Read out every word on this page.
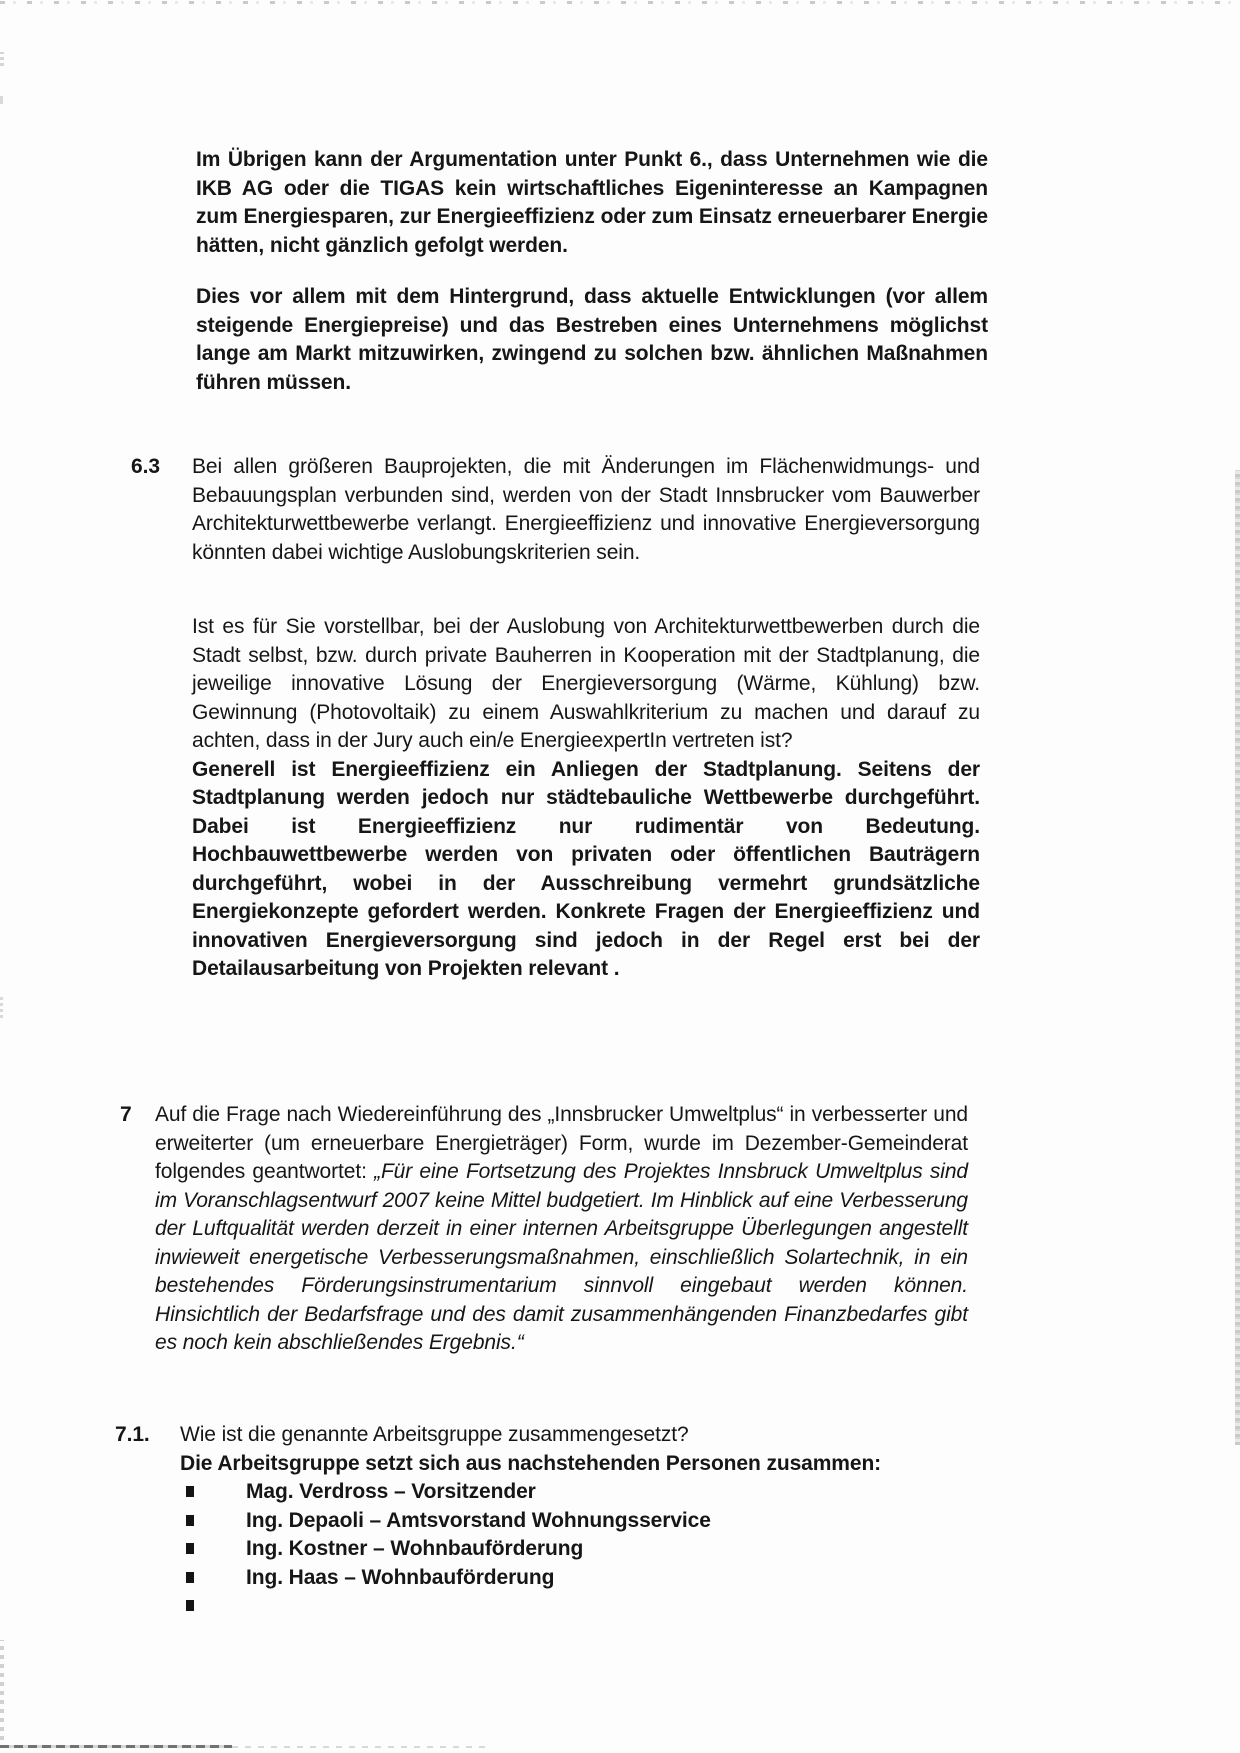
Im Übrigen kann der Argumentation unter Punkt 6., dass Unternehmen wie die IKB AG oder die TIGAS kein wirtschaftliches Eigeninteresse an Kampagnen zum Energiesparen, zur Energieeffizienz oder zum Einsatz erneuerbarer Energie hätten, nicht gänzlich gefolgt werden.

Dies vor allem mit dem Hintergrund, dass aktuelle Entwicklungen (vor allem steigende Energiepreise) und das Bestreben eines Unternehmens möglichst lange am Markt mitzuwirken, zwingend zu solchen bzw. ähnlichen Maßnahmen führen müssen.

6.3 Bei allen größeren Bauprojekten, die mit Änderungen im Flächenwidmungs- und Bebauungsplan verbunden sind, werden von der Stadt Innsbrucker vom Bauwerber Architekturwettbewerbe verlangt. Energieeffizienz und innovative Energieversorgung könnten dabei wichtige Auslobungskriterien sein.

Ist es für Sie vorstellbar, bei der Auslobung von Architekturwettbewerben durch die Stadt selbst, bzw. durch private Bauherren in Kooperation mit der Stadtplanung, die jeweilige innovative Lösung der Energieversorgung (Wärme, Kühlung) bzw. Gewinnung (Photovoltaik) zu einem Auswahlkriterium zu machen und darauf zu achten, dass in der Jury auch ein/e EnergieexpertIn vertreten ist?

Generell ist Energieeffizienz ein Anliegen der Stadtplanung. Seitens der Stadtplanung werden jedoch nur städtebauliche Wettbewerbe durchgeführt. Dabei ist Energieeffizienz nur rudimentär von Bedeutung. Hochbauwettbewerbe werden von privaten oder öffentlichen Bauträgern durchgeführt, wobei in der Ausschreibung vermehrt grundsätzliche Energiekonzepte gefordert werden. Konkrete Fragen der Energieeffizienz und innovativen Energieversorgung sind jedoch in der Regel erst bei der Detailausarbeitung von Projekten relevant .

7 Auf die Frage nach Wiedereinführung des „Innsbrucker Umweltplus“ in verbesserter und erweiterter (um erneuerbare Energieträger) Form, wurde im Dezember-Gemeinderat folgendes geantwortet: „Für eine Fortsetzung des Projektes Innsbruck Umweltplus sind im Voranschlagsentwurf 2007 keine Mittel budgetiert. Im Hinblick auf eine Verbesserung der Luftqualität werden derzeit in einer internen Arbeitsgruppe Überlegungen angestellt inwieweit energetische Verbesserungsmaßnahmen, einschließlich Solartechnik, in ein bestehendes Förderungsinstrumentarium sinnvoll eingebaut werden können. Hinsichtlich der Bedarfsfrage und des damit zusammenhängenden Finanzbedarfes gibt es noch kein abschließendes Ergebnis.“

7.1. Wie ist die genannte Arbeitsgruppe zusammengesetzt?

Die Arbeitsgruppe setzt sich aus nachstehenden Personen zusammen:

Mag. Verdross – Vorsitzender
Ing. Depaoli – Amtsvorstand Wohnungsservice
Ing. Kostner – Wohnbauförderung
Ing. Haas – Wohnbauförderung
